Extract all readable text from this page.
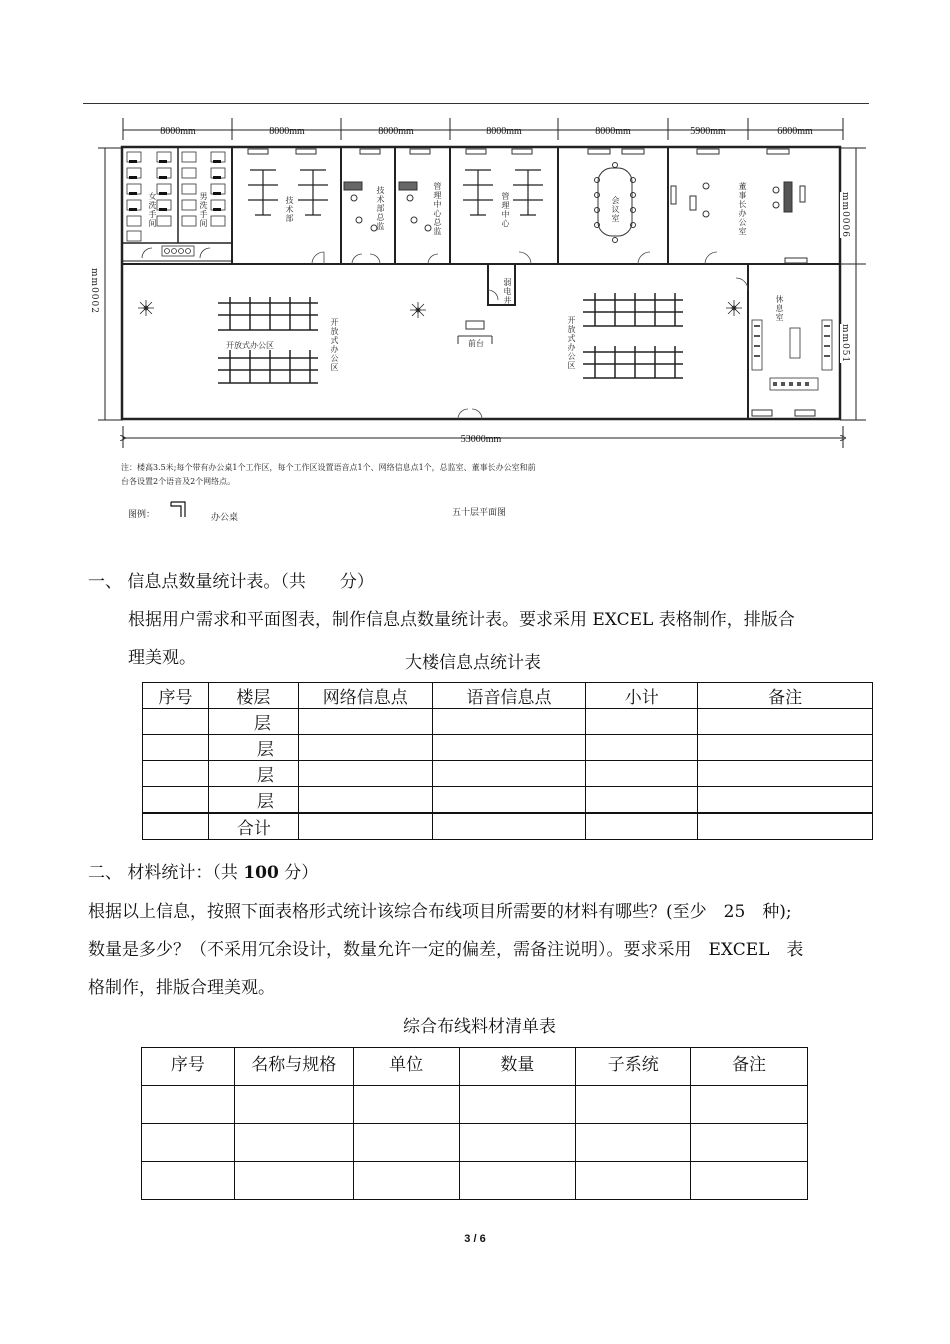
8000mm	8000mm	8000mm	8000mm	8000mm	5900mm	6800mm
53000mm
mm0002
mm0006
mm051
女洗手间	男洗手间	技术部	技术部总监	管理中心总监	管理中心	会议室	董事长办公室
弱电井
开放式办公区
开放式办公区	前台	开放式办公区
休息室
注：楼高3.5米;每个带有办公桌1个工作区，每个工作区设置语音点1个、网络信息点1个，总监室、董事长办公室和前台各设置2个语音及2个网络点。
图例：	办公桌	五十层平面图
一、 信息点数量统计表。（共　　分）
根据用户需求和平面图表，制作信息点数量统计表。要求采用 EXCEL 表格制作，排版合
理美观。	大楼信息点统计表
序号	楼层	网络信息点	语音信息点	小计	备注
	层				
	层				
	层				
	层				
	合计				
二、 材料统计：（共 100 分）
根据以上信息，按照下面表格形式统计该综合布线项目所需要的材料有哪些？(至少　25　种);
数量是多少？（不采用冗余设计，数量允许一定的偏差，需备注说明）。要求采用　EXCEL　表
格制作，排版合理美观。
综合布线料材清单表
序号	名称与规格	单位	数量	子系统	备注

3 / 6
